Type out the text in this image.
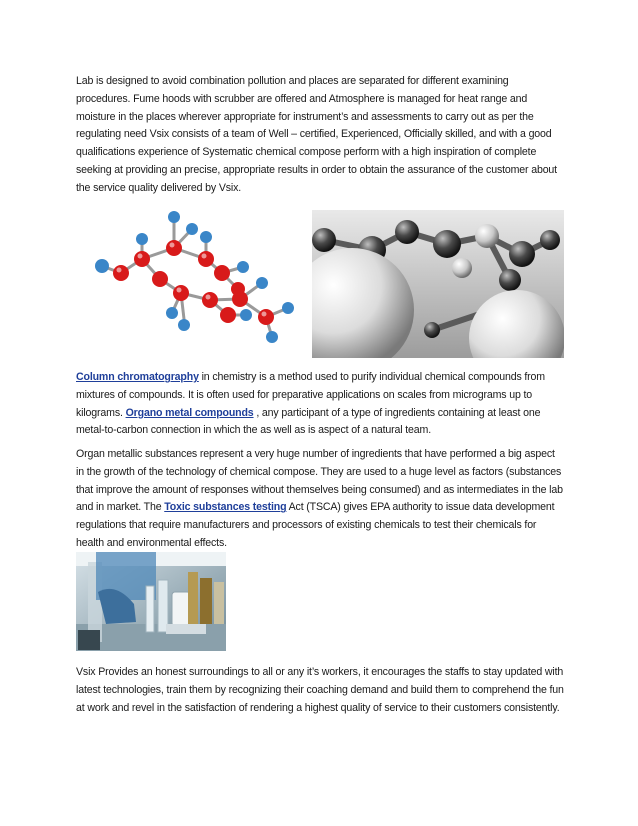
Lab is designed to avoid combination pollution and places are separated for different examining procedures. Fume hoods with scrubber are offered and Atmosphere is managed for heat range and moisture in the places wherever appropriate for instrument’s and assessments to carry out as per the regulating need Vsix consists of a team of Well – certified, Experienced, Officially skilled, and with a good qualifications experience of Systematic chemical compose perform with a high inspiration of complete seeking at providing an precise, appropriate results in order to obtain the assurance of the customer about the service quality delivered by Vsix.

Column chromatography in chemistry is a method used to purify individual chemical compounds from mixtures of compounds. It is often used for preparative applications on scales from micrograms up to kilograms. Organo metal compounds , any participant of a type of ingredients containing at least one metal-to-carbon connection in which the as well as is aspect of a natural team.

Organ metallic substances represent a very huge number of ingredients that have performed a big aspect in the growth of the technology of chemical compose. They are used to a huge level as factors (substances that improve the amount of responses without themselves being consumed) and as intermediates in the lab and in market. The Toxic substances testing Act (TSCA) gives EPA authority to issue data development regulations that require manufacturers and processors of existing chemicals to test their chemicals for health and environmental effects.

Vsix Provides an honest surroundings to all or any it’s workers, it encourages the staffs to stay updated with latest technologies, train them by recognizing their coaching demand and build them to comprehend the fun at work and revel in the satisfaction of rendering a highest quality of service to their customers consistently.
